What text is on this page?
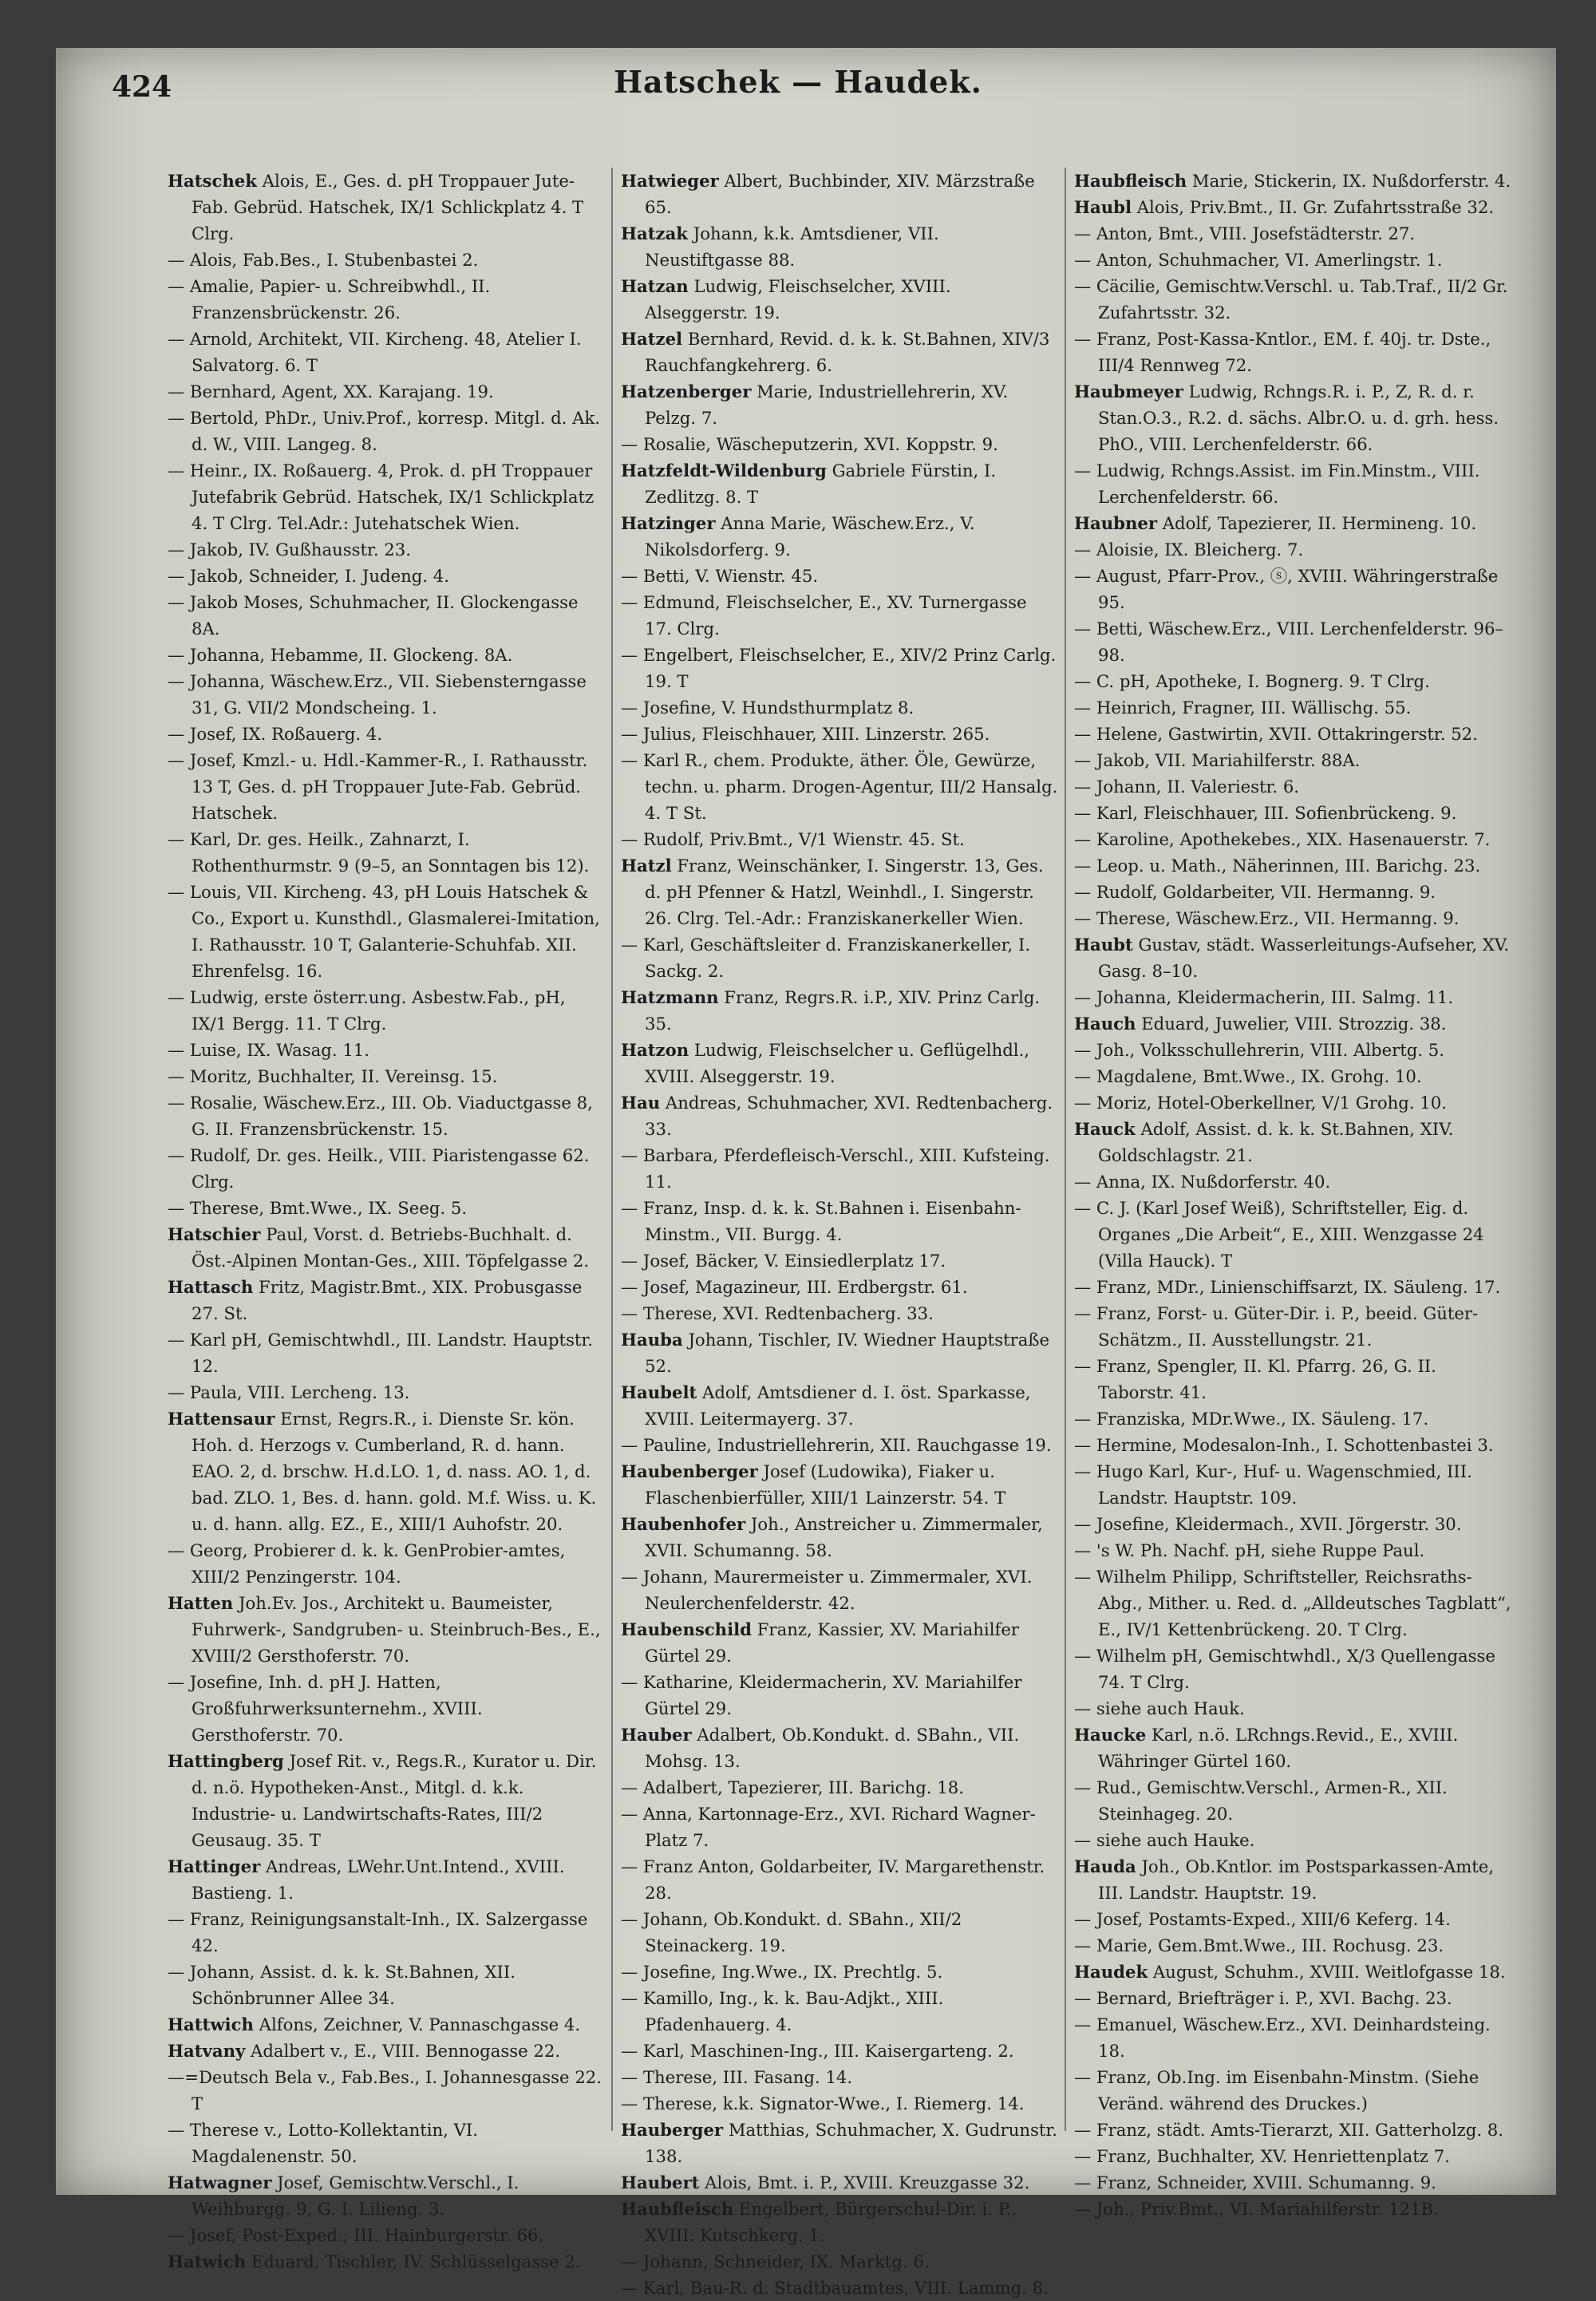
424	Hatschek — Haudek.

Hatschek Alois, E., Ges. d. pH Troppauer Jute-Fab. Gebrüd. Hatschek, IX/1 Schlickplatz 4. T Clrg.

— Alois, Fab.Bes., I. Stubenbastei 2.

— Amalie, Papier- u. Schreibwhdl., II. Franzensbrückenstr. 26.

— Arnold, Architekt, VII. Kircheng. 48, Atelier I. Salvatorg. 6. T

— Bernhard, Agent, XX. Karajang. 19.

— Bertold, PhDr., Univ.Prof., korresp. Mitgl. d. Ak. d. W., VIII. Langeg. 8.

— Heinr., IX. Roßauerg. 4, Prok. d. pH Troppauer Jutefabrik Gebrüd. Hatschek, IX/1 Schlickplatz 4. T Clrg. Tel.Adr.: Jutehatschek Wien.

— Jakob, IV. Gußhausstr. 23.

— Jakob, Schneider, I. Judeng. 4.

— Jakob Moses, Schuhmacher, II. Glockengasse 8A.

— Johanna, Hebamme, II. Glockeng. 8A.

— Johanna, Wäschew.Erz., VII. Siebensterngasse 31, G. VII/2 Mondscheing. 1.

— Josef, IX. Roßauerg. 4.

— Josef, Kmzl.- u. Hdl.-Kammer-R., I. Rathausstr. 13 T, Ges. d. pH Troppauer Jute-Fab. Gebrüd. Hatschek.

— Karl, Dr. ges. Heilk., Zahnarzt, I. Rothenthurmstr. 9 (9–5, an Sonntagen bis 12).

— Louis, VII. Kircheng. 43, pH Louis Hatschek & Co., Export u. Kunsthdl., Glasmalerei-Imitation, I. Rathausstr. 10 T, Galanterie-Schuhfab. XII. Ehrenfelsg. 16.

— Ludwig, erste österr.ung. Asbestw.Fab., pH, IX/1 Bergg. 11. T Clrg.

— Luise, IX. Wasag. 11.

— Moritz, Buchhalter, II. Vereinsg. 15.

— Rosalie, Wäschew.Erz., III. Ob. Viaductgasse 8, G. II. Franzensbrückenstr. 15.

— Rudolf, Dr. ges. Heilk., VIII. Piaristengasse 62. Clrg.

— Therese, Bmt.Wwe., IX. Seeg. 5.

Hatschier Paul, Vorst. d. Betriebs-Buchhalt. d. Öst.-Alpinen Montan-Ges., XIII. Töpfelgasse 2.

Hattasch Fritz, Magistr.Bmt., XIX. Probusgasse 27. St.

— Karl pH, Gemischtwhdl., III. Landstr. Hauptstr. 12.

— Paula, VIII. Lercheng. 13.

Hattensaur Ernst, Regrs.R., i. Dienste Sr. kön. Hoh. d. Herzogs v. Cumberland, R. d. hann. EAO. 2, d. brschw. H.d.LO. 1, d. nass. AO. 1, d. bad. ZLO. 1, Bes. d. hann. gold. M.f. Wiss. u. K. u. d. hann. allg. EZ., E., XIII/1 Auhofstr. 20.

— Georg, Probierer d. k. k. GenProbier-amtes, XIII/2 Penzingerstr. 104.

Hatten Joh.Ev. Jos., Architekt u. Baumeister, Fuhrwerk-, Sandgruben- u. Steinbruch-Bes., E., XVIII/2 Gersthoferstr. 70.

— Josefine, Inh. d. pH J. Hatten, Großfuhrwerksunternehm., XVIII. Gersthoferstr. 70.

Hattingberg Josef Rit. v., Regs.R., Kurator u. Dir. d. n.ö. Hypotheken-Anst., Mitgl. d. k.k. Industrie- u. Landwirtschafts-Rates, III/2 Geusaug. 35. T

Hattinger Andreas, LWehr.Unt.Intend., XVIII. Bastieng. 1.

— Franz, Reinigungsanstalt-Inh., IX. Salzergasse 42.

— Johann, Assist. d. k. k. St.Bahnen, XII. Schönbrunner Allee 34.

Hattwich Alfons, Zeichner, V. Pannaschgasse 4.

Hatvany Adalbert v., E., VIII. Bennogasse 22.

—=Deutsch Bela v., Fab.Bes., I. Johannesgasse 22. T

— Therese v., Lotto-Kollektantin, VI. Magdalenenstr. 50.

Hatwagner Josef, Gemischtw.Verschl., I. Weihburgg. 9, G. I. Lilieng. 3.

— Josef, Post-Exped., III. Hainburgerstr. 66.

Hatwich Eduard, Tischler, IV. Schlüsselgasse 2.

Hatwieger Albert, Buchbinder, XIV. Märzstraße 65.

Hatzak Johann, k.k. Amtsdiener, VII. Neustiftgasse 88.

Hatzan Ludwig, Fleischselcher, XVIII. Alseggerstr. 19.

Hatzel Bernhard, Revid. d. k. k. St.Bahnen, XIV/3 Rauchfangkehrerg. 6.

Hatzenberger Marie, Industriellehrerin, XV. Pelzg. 7.

— Rosalie, Wäscheputzerin, XVI. Koppstr. 9.

Hatzfeldt-Wildenburg Gabriele Fürstin, I. Zedlitzg. 8. T

Hatzinger Anna Marie, Wäschew.Erz., V. Nikolsdorferg. 9.

— Betti, V. Wienstr. 45.

— Edmund, Fleischselcher, E., XV. Turnergasse 17. Clrg.

— Engelbert, Fleischselcher, E., XIV/2 Prinz Carlg. 19. T

— Josefine, V. Hundsthurmplatz 8.

— Julius, Fleischhauer, XIII. Linzerstr. 265.

— Karl R., chem. Produkte, äther. Öle, Gewürze, techn. u. pharm. Drogen-Agentur, III/2 Hansalg. 4. T St.

— Rudolf, Priv.Bmt., V/1 Wienstr. 45. St.

Hatzl Franz, Weinschänker, I. Singerstr. 13, Ges. d. pH Pfenner & Hatzl, Weinhdl., I. Singerstr. 26. Clrg. Tel.-Adr.: Franziskanerkeller Wien.

— Karl, Geschäftsleiter d. Franziskanerkeller, I. Sackg. 2.

Hatzmann Franz, Regrs.R. i.P., XIV. Prinz Carlg. 35.

Hatzon Ludwig, Fleischselcher u. Geflügelhdl., XVIII. Alseggerstr. 19.

Hau Andreas, Schuhmacher, XVI. Redtenbacherg. 33.

— Barbara, Pferdefleisch-Verschl., XIII. Kufsteing. 11.

— Franz, Insp. d. k. k. St.Bahnen i. Eisenbahn-Minstm., VII. Burgg. 4.

— Josef, Bäcker, V. Einsiedlerplatz 17.

— Josef, Magazineur, III. Erdbergstr. 61.

— Therese, XVI. Redtenbacherg. 33.

Hauba Johann, Tischler, IV. Wiedner Hauptstraße 52.

Haubelt Adolf, Amtsdiener d. I. öst. Sparkasse, XVIII. Leitermayerg. 37.

— Pauline, Industriellehrerin, XII. Rauchgasse 19.

Haubenberger Josef (Ludowika), Fiaker u. Flaschenbierfüller, XIII/1 Lainzerstr. 54. T

Haubenhofer Joh., Anstreicher u. Zimmermaler, XVII. Schumanng. 58.

— Johann, Maurermeister u. Zimmermaler, XVI. Neulerchenfelderstr. 42.

Haubenschild Franz, Kassier, XV. Mariahilfer Gürtel 29.

— Katharine, Kleidermacherin, XV. Mariahilfer Gürtel 29.

Hauber Adalbert, Ob.Kondukt. d. SBahn., VII. Mohsg. 13.

— Adalbert, Tapezierer, III. Barichg. 18.

— Anna, Kartonnage-Erz., XVI. Richard Wagner-Platz 7.

— Franz Anton, Goldarbeiter, IV. Margarethenstr. 28.

— Johann, Ob.Kondukt. d. SBahn., XII/2 Steinackerg. 19.

— Josefine, Ing.Wwe., IX. Prechtlg. 5.

— Kamillo, Ing., k. k. Bau-Adjkt., XIII. Pfadenhauerg. 4.

— Karl, Maschinen-Ing., III. Kaisergarteng. 2.

— Therese, III. Fasang. 14.

— Therese, k.k. Signator-Wwe., I. Riemerg. 14.

Hauberger Matthias, Schuhmacher, X. Gudrunstr. 138.

Haubert Alois, Bmt. i. P., XVIII. Kreuzgasse 32.

Haubfleisch Engelbert, Bürgerschul-Dir. i. P., XVIII. Kutschkerg. 1.

— Johann, Schneider, IX. Marktg. 6.

— Karl, Bau-R. d. Stadtbauamtes, VIII. Lammg. 8.

Haubfleisch Marie, Stickerin, IX. Nußdorferstr. 4.

Haubl Alois, Priv.Bmt., II. Gr. Zufahrtsstraße 32.

— Anton, Bmt., VIII. Josefstädterstr. 27.

— Anton, Schuhmacher, VI. Amerlingstr. 1.

— Cäcilie, Gemischtw.Verschl. u. Tab.Traf., II/2 Gr. Zufahrtsstr. 32.

— Franz, Post-Kassa-Kntlor., EM. f. 40j. tr. Dste., III/4 Rennweg 72.

Haubmeyer Ludwig, Rchngs.R. i. P., Z, R. d. r. Stan.O.3., R.2. d. sächs. Albr.O. u. d. grh. hess. PhO., VIII. Lerchenfelderstr. 66.

— Ludwig, Rchngs.Assist. im Fin.Minstm., VIII. Lerchenfelderstr. 66.

Haubner Adolf, Tapezierer, II. Hermineng. 10.

— Aloisie, IX. Bleicherg. 7.

— August, Pfarr-Prov., ⓢ, XVIII. Währingerstraße 95.

— Betti, Wäschew.Erz., VIII. Lerchenfelderstr. 96–98.

— C. pH, Apotheke, I. Bognerg. 9. T Clrg.

— Heinrich, Fragner, III. Wällischg. 55.

— Helene, Gastwirtin, XVII. Ottakringerstr. 52.

— Jakob, VII. Mariahilferstr. 88A.

— Johann, II. Valeriestr. 6.

— Karl, Fleischhauer, III. Sofienbrückeng. 9.

— Karoline, Apothekebes., XIX. Hasenauerstr. 7.

— Leop. u. Math., Näherinnen, III. Barichg. 23.

— Rudolf, Goldarbeiter, VII. Hermanng. 9.

— Therese, Wäschew.Erz., VII. Hermanng. 9.

Haubt Gustav, städt. Wasserleitungs-Aufseher, XV. Gasg. 8–10.

— Johanna, Kleidermacherin, III. Salmg. 11.

Hauch Eduard, Juwelier, VIII. Strozzig. 38.

— Joh., Volksschullehrerin, VIII. Albertg. 5.

— Magdalene, Bmt.Wwe., IX. Grohg. 10.

— Moriz, Hotel-Oberkellner, V/1 Grohg. 10.

Hauck Adolf, Assist. d. k. k. St.Bahnen, XIV. Goldschlagstr. 21.

— Anna, IX. Nußdorferstr. 40.

— C. J. (Karl Josef Weiß), Schriftsteller, Eig. d. Organes „Die Arbeit“, E., XIII. Wenzgasse 24 (Villa Hauck). T

— Franz, MDr., Linienschiffsarzt, IX. Säuleng. 17.

— Franz, Forst- u. Güter-Dir. i. P., beeid. Güter-Schätzm., II. Ausstellungstr. 21.

— Franz, Spengler, II. Kl. Pfarrg. 26, G. II. Taborstr. 41.

— Franziska, MDr.Wwe., IX. Säuleng. 17.

— Hermine, Modesalon-Inh., I. Schottenbastei 3.

— Hugo Karl, Kur-, Huf- u. Wagenschmied, III. Landstr. Hauptstr. 109.

— Josefine, Kleidermach., XVII. Jörgerstr. 30.

— 's W. Ph. Nachf. pH, siehe Ruppe Paul.

— Wilhelm Philipp, Schriftsteller, Reichsraths-Abg., Mither. u. Red. d. „Alldeutsches Tagblatt“, E., IV/1 Kettenbrückeng. 20. T Clrg.

— Wilhelm pH, Gemischtwhdl., X/3 Quellengasse 74. T Clrg.

— siehe auch Hauk.

Haucke Karl, n.ö. LRchngs.Revid., E., XVIII. Währinger Gürtel 160.

— Rud., Gemischtw.Verschl., Armen-R., XII. Steinhageg. 20.

— siehe auch Hauke.

Hauda Joh., Ob.Kntlor. im Postsparkassen-Amte, III. Landstr. Hauptstr. 19.

— Josef, Postamts-Exped., XIII/6 Keferg. 14.

— Marie, Gem.Bmt.Wwe., III. Rochusg. 23.

Haudek August, Schuhm., XVIII. Weitlofgasse 18.

— Bernard, Briefträger i. P., XVI. Bachg. 23.

— Emanuel, Wäschew.Erz., XVI. Deinhardsteing. 18.

— Franz, Ob.Ing. im Eisenbahn-Minstm. (Siehe Veränd. während des Druckes.)

— Franz, städt. Amts-Tierarzt, XII. Gatterholzg. 8.

— Franz, Buchhalter, XV. Henriettenplatz 7.

— Franz, Schneider, XVIII. Schumanng. 9.

— Joh., Priv.Bmt., VI. Mariahilferstr. 121B.
